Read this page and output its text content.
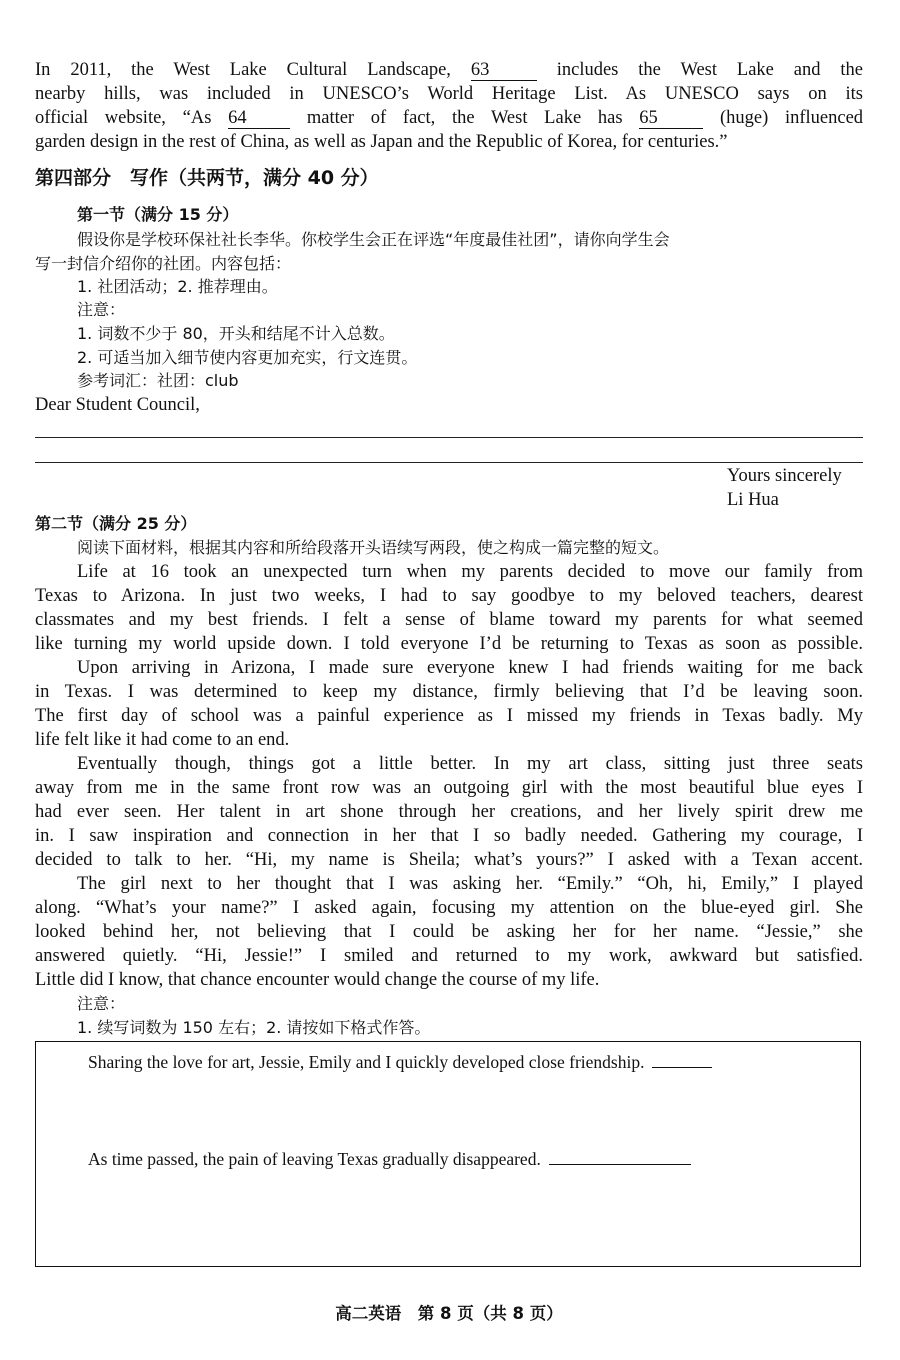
In 2011, the West Lake Cultural Landscape, 63	includes the West Lake and the
nearby hills, was included in UNESCO’s World Heritage List. As UNESCO says on its
official website, “As 64	matter of fact, the West Lake has 65	(huge) influenced
garden design in the rest of China, as well as Japan and the Republic of Korea, for centuries.”
第四部分　写作（共两节，满分 40 分）
第一节（满分 15 分）
假设你是学校环保社社长李华。你校学生会正在评选“年度最佳社团”，请你向学生会
写一封信介绍你的社团。内容包括：
1. 社团活动；2. 推荐理由。
注意：
1. 词数不少于 80，开头和结尾不计入总数。
2. 可适当加入细节使内容更加充实，行文连贯。
参考词汇：社团：club
Dear Student Council,
Yours sincerely
Li Hua
第二节（满分 25 分）
阅读下面材料，根据其内容和所给段落开头语续写两段，使之构成一篇完整的短文。
Life at 16 took an unexpected turn when my parents decided to move our family from
Texas to Arizona. In just two weeks, I had to say goodbye to my beloved teachers, dearest
classmates and my best friends. I felt a sense of blame toward my parents for what seemed
like turning my world upside down. I told everyone I’d be returning to Texas as soon as possible.
Upon arriving in Arizona, I made sure everyone knew I had friends waiting for me back
in Texas. I was determined to keep my distance, firmly believing that I’d be leaving soon.
The first day of school was a painful experience as I missed my friends in Texas badly. My
life felt like it had come to an end.
Eventually though, things got a little better. In my art class, sitting just three seats
away from me in the same front row was an outgoing girl with the most beautiful blue eyes I
had ever seen. Her talent in art shone through her creations, and her lively spirit drew me
in. I saw inspiration and connection in her that I so badly needed. Gathering my courage, I
decided to talk to her. “Hi, my name is Sheila; what’s yours?” I asked with a Texan accent.
The girl next to her thought that I was asking her. “Emily.” “Oh, hi, Emily,” I played
along. “What’s your name?” I asked again, focusing my attention on the blue-eyed girl. She
looked behind her, not believing that I could be asking her for her name. “Jessie,” she
answered quietly. “Hi, Jessie!” I smiled and returned to my work, awkward but satisfied.
Little did I know, that chance encounter would change the course of my life.
注意：
1. 续写词数为 150 左右；2. 请按如下格式作答。
Sharing the love for art, Jessie, Emily and I quickly developed close friendship.
As time passed, the pain of leaving Texas gradually disappeared.
高二英语　第 8 页（共 8 页）
